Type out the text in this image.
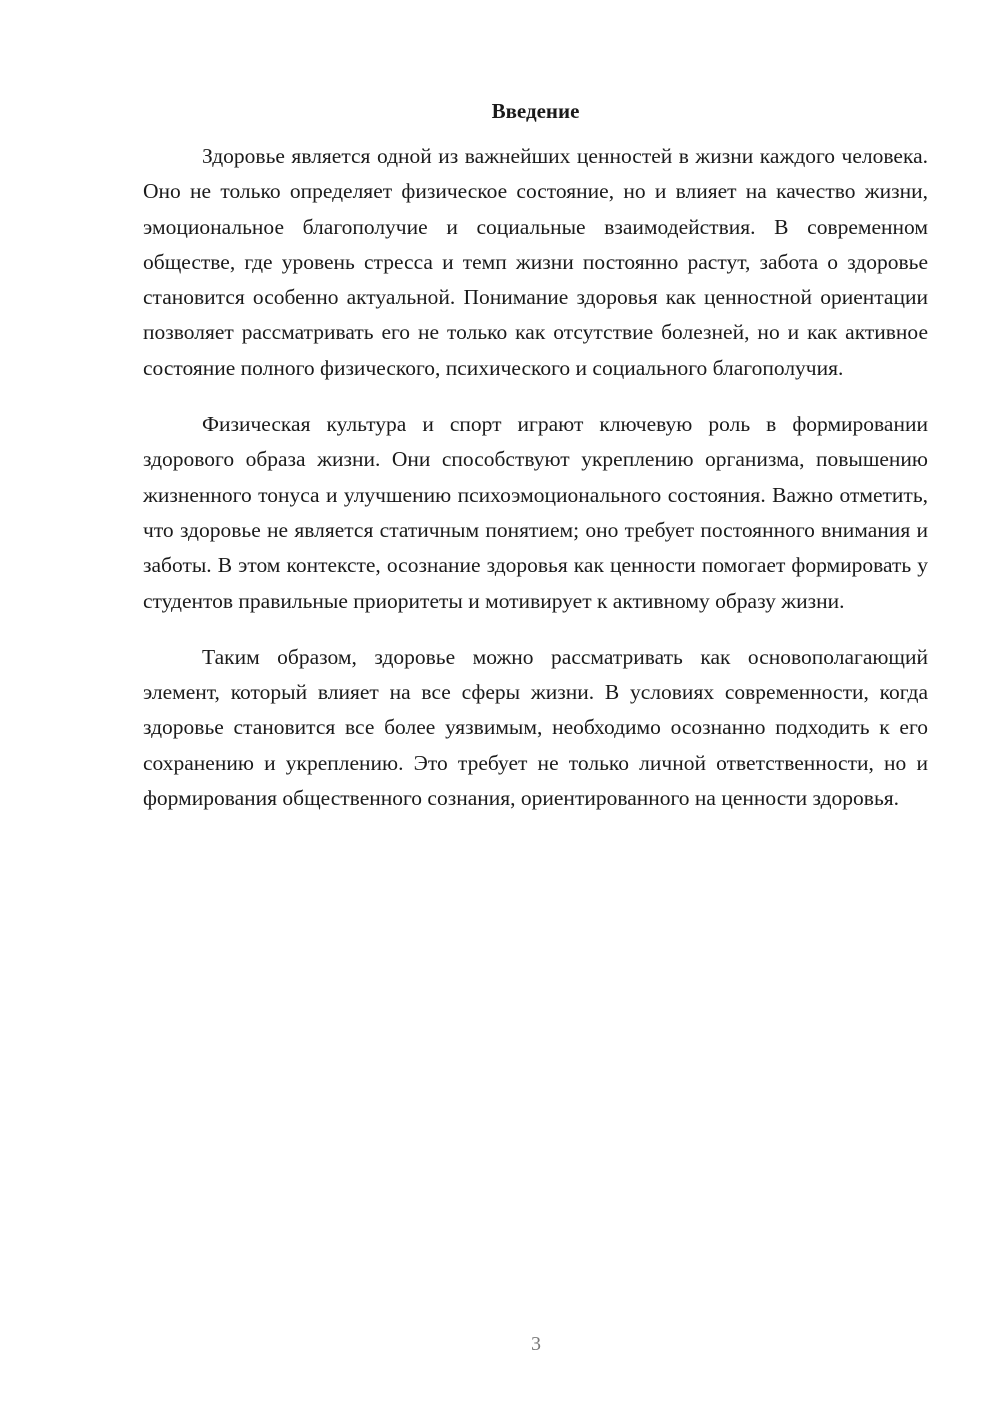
Введение

Здоровье является одной из важнейших ценностей в жизни каждого человека. Оно не только определяет физическое состояние, но и влияет на качество жизни, эмоциональное благополучие и социальные взаимодействия. В современном обществе, где уровень стресса и темп жизни постоянно растут, забота о здоровье становится особенно актуальной. Понимание здоровья как ценностной ориентации позволяет рассматривать его не только как отсутствие болезней, но и как активное состояние полного физического, психического и социального благополучия.

Физическая культура и спорт играют ключевую роль в формировании здорового образа жизни. Они способствуют укреплению организма, повышению жизненного тонуса и улучшению психоэмоционального состояния. Важно отметить, что здоровье не является статичным понятием; оно требует постоянного внимания и заботы. В этом контексте, осознание здоровья как ценности помогает формировать у студентов правильные приоритеты и мотивирует к активному образу жизни.

Таким образом, здоровье можно рассматривать как основополагающий элемент, который влияет на все сферы жизни. В условиях современности, когда здоровье становится все более уязвимым, необходимо осознанно подходить к его сохранению и укреплению. Это требует не только личной ответственности, но и формирования общественного сознания, ориентированного на ценности здоровья.

3
